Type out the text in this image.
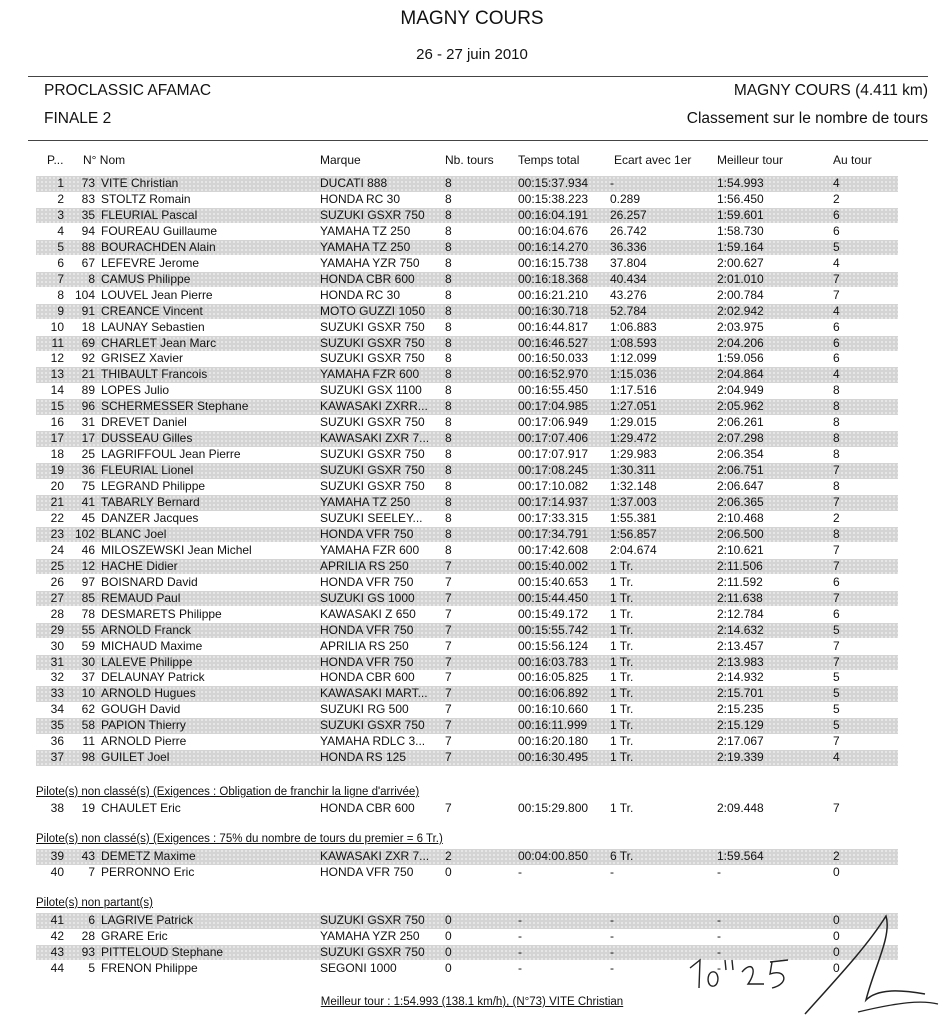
MAGNY COURS
26 - 27 juin 2010
PROCLASSIC AFAMAC	MAGNY COURS (4.411 km)
FINALE 2	Classement sur le nombre de tours
P... N° Nom	Marque	Nb. tours Temps total	Ecart avec 1er Meilleur tour	Au tour
1	73 VITE Christian	DUCATI 888	8	00:15:37.934 -	1:54.993	4
2	83 STOLTZ Romain	HONDA RC 30	8	00:15:38.223 0.289	1:56.450	2
3	35 FLEURIAL Pascal	SUZUKI GSXR 750	8	00:16:04.191 26.257	1:59.601	6
4	94 FOUREAU Guillaume	YAMAHA TZ 250	8	00:16:04.676 26.742	1:58.730	6
5	88 BOURACHDEN Alain	YAMAHA TZ 250	8	00:16:14.270 36.336	1:59.164	5
6	67 LEFEVRE Jerome	YAMAHA YZR 750	8	00:16:15.738 37.804	2:00.627	4
7	8 CAMUS Philippe	HONDA CBR 600	8	00:16:18.368 40.434	2:01.010	7
8 104 LOUVEL Jean Pierre	HONDA RC 30	8	00:16:21.210 43.276	2:00.784	7
9	91 CREANCE Vincent	MOTO GUZZI 1050	8	00:16:30.718 52.784	2:02.942	4
10	18 LAUNAY Sebastien	SUZUKI GSXR 750	8	00:16:44.817 1:06.883	2:03.975	6
11	69 CHARLET Jean Marc	SUZUKI GSXR 750	8	00:16:46.527 1:08.593	2:04.206	6
12	92 GRISEZ Xavier	SUZUKI GSXR 750	8	00:16:50.033 1:12.099	1:59.056	6
13	21 THIBAULT Francois	YAMAHA FZR 600	8	00:16:52.970 1:15.036	2:04.864	4
14	89 LOPES Julio	SUZUKI GSX 1100	8	00:16:55.450 1:17.516	2:04.949	8
15	96 SCHERMESSER Stephane	KAWASAKI ZXRR...	8	00:17:04.985 1:27.051	2:05.962	8
16	31 DREVET Daniel	SUZUKI GSXR 750	8	00:17:06.949 1:29.015	2:06.261	8
17	17 DUSSEAU Gilles	KAWASAKI ZXR 7...	8	00:17:07.406 1:29.472	2:07.298	8
18	25 LAGRIFFOUL Jean Pierre	SUZUKI GSXR 750	8	00:17:07.917 1:29.983	2:06.354	8
19	36 FLEURIAL Lionel	SUZUKI GSXR 750	8	00:17:08.245 1:30.311	2:06.751	7
20	75 LEGRAND Philippe	SUZUKI GSXR 750	8	00:17:10.082 1:32.148	2:06.647	8
21	41 TABARLY Bernard	YAMAHA TZ 250	8	00:17:14.937 1:37.003	2:06.365	7
22	45 DANZER Jacques	SUZUKI SEELEY...	8	00:17:33.315 1:55.381	2:10.468	2
23 102 BLANC Joel	HONDA VFR 750	8	00:17:34.791 1:56.857	2:06.500	8
24	46 MILOSZEWSKI Jean Michel	YAMAHA FZR 600	8	00:17:42.608 2:04.674	2:10.621	7
25	12 HACHE Didier	APRILIA RS 250	7	00:15:40.002 1 Tr.	2:11.506	7
26	97 BOISNARD David	HONDA VFR 750	7	00:15:40.653 1 Tr.	2:11.592	6
27	85 REMAUD Paul	SUZUKI GS 1000	7	00:15:44.450 1 Tr.	2:11.638	7
28	78 DESMARETS Philippe	KAWASAKI Z 650	7	00:15:49.172 1 Tr.	2:12.784	6
29	55 ARNOLD Franck	HONDA VFR 750	7	00:15:55.742 1 Tr.	2:14.632	5
30	59 MICHAUD Maxime	APRILIA RS 250	7	00:15:56.124 1 Tr.	2:13.457	7
31	30 LALEVE Philippe	HONDA VFR 750	7	00:16:03.783 1 Tr.	2:13.983	7
32	37 DELAUNAY Patrick	HONDA CBR 600	7	00:16:05.825 1 Tr.	2:14.932	5
33	10 ARNOLD Hugues	KAWASAKI MART...	7	00:16:06.892 1 Tr.	2:15.701	5
34	62 GOUGH David	SUZUKI RG 500	7	00:16:10.660 1 Tr.	2:15.235	5
35	58 PAPION Thierry	SUZUKI GSXR 750	7	00:16:11.999 1 Tr.	2:15.129	5
36	11 ARNOLD Pierre	YAMAHA RDLC 3...	7	00:16:20.180 1 Tr.	2:17.067	7
37	98 GUILET Joel	HONDA RS 125	7	00:16:30.495 1 Tr.	2:19.339	4
38	19 CHAULET Eric	HONDA CBR 600	7	00:15:29.800 1 Tr.	2:09.448	7
39	43 DEMETZ Maxime	KAWASAKI ZXR 7...	2	00:04:00.850 6 Tr.	1:59.564	2
40	7 PERRONNO Eric	HONDA VFR 750	0	-	-	-	0
41	6 LAGRIVE Patrick	SUZUKI GSXR 750	0	-	-	-	0
42	28 GRARE Eric	YAMAHA YZR 250	0	-	-	-	0
43	93 PITTELOUD Stephane	SUZUKI GSXR 750	0	-	-	-	0
44	5 FRENON Philippe	SEGONI 1000	0	-	-	-	0
Pilote(s) non classé(s) (Exigences : Obligation de franchir la ligne d'arrivée)
Pilote(s) non classé(s) (Exigences : 75% du nombre de tours du premier = 6 Tr.)
Pilote(s) non partant(s)
Meilleur tour : 1:54.993 (138.1 km/h), (N°73) VITE Christian
